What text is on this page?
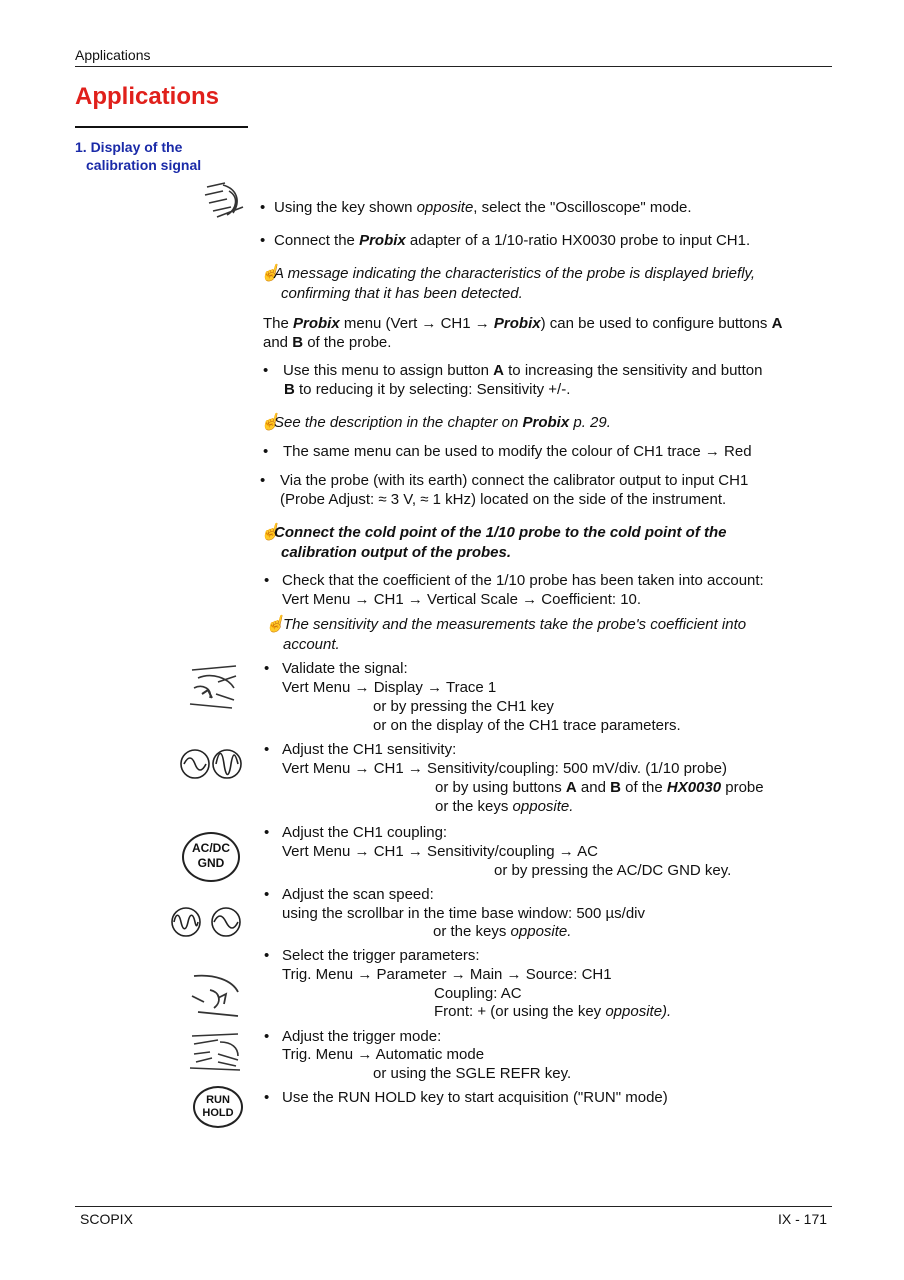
Applications
Applications
1. Display of the
calibration signal
AC/DC
GND
RUN
HOLD
• Using the key shown opposite, select the "Oscilloscope" mode.
• Connect the Probix adapter of a 1/10-ratio HX0030 probe to input CH1.
☝A message indicating the characteristics of the probe is displayed briefly,
confirming that it has been detected.
The Probix menu (Vert → CH1 → Probix) can be used to configure buttons A
and B of the probe.
• Use this menu to assign button A to increasing the sensitivity and button
B to reducing it by selecting: Sensitivity +/-.
☝See the description in the chapter on Probix p. 29.
• The same menu can be used to modify the colour of CH1 trace → Red
• Via the probe (with its earth) connect the calibrator output to input CH1
(Probe Adjust: ≈ 3 V, ≈ 1 kHz) located on the side of the instrument.
☝Connect the cold point of the 1/10 probe to the cold point of the
calibration output of the probes.
• Check that the coefficient of the 1/10 probe has been taken into account:
Vert Menu → CH1 → Vertical Scale → Coefficient: 10.
☝The sensitivity and the measurements take the probe's coefficient into
account.
• Validate the signal:
Vert Menu → Display → Trace 1
or by pressing the CH1 key
or on the display of the CH1 trace parameters.
• Adjust the CH1 sensitivity:
Vert Menu → CH1 → Sensitivity/coupling: 500 mV/div. (1/10 probe)
or by using buttons A and B of the HX0030 probe
or the keys opposite.
• Adjust the CH1 coupling:
Vert Menu → CH1 → Sensitivity/coupling → AC
or by pressing the AC/DC GND key.
• Adjust the scan speed:
using the scrollbar in the time base window: 500 µs/div
or the keys opposite.
• Select the trigger parameters:
Trig. Menu → Parameter → Main → Source: CH1
Coupling: AC
Front: + (or using the key opposite).
• Adjust the trigger mode:
Trig. Menu → Automatic mode
or using the SGLE REFR key.
• Use the RUN HOLD key to start acquisition ("RUN" mode)
SCOPIX	IX - 171
